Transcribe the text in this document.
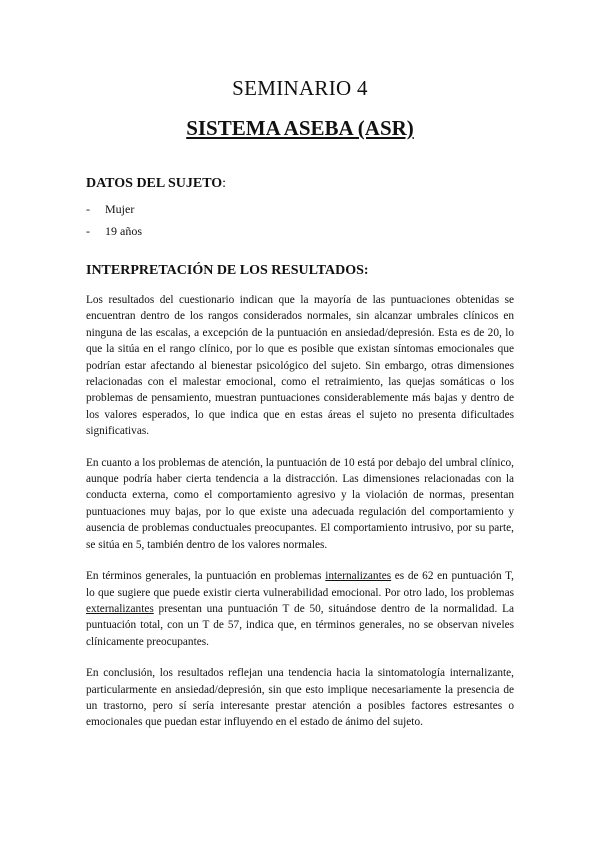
SEMINARIO 4
SISTEMA ASEBA (ASR)
DATOS DEL SUJETO:
- Mujer
- 19 años
INTERPRETACIÓN DE LOS RESULTADOS:

Los resultados del cuestionario indican que la mayoría de las puntuaciones obtenidas se encuentran dentro de los rangos considerados normales, sin alcanzar umbrales clínicos en ninguna de las escalas, a excepción de la puntuación en ansiedad/depresión. Esta es de 20, lo que la sitúa en el rango clínico, por lo que es posible que existan síntomas emocionales que podrían estar afectando al bienestar psicológico del sujeto. Sin embargo, otras dimensiones relacionadas con el malestar emocional, como el retraimiento, las quejas somáticas o los problemas de pensamiento, muestran puntuaciones considerablemente más bajas y dentro de los valores esperados, lo que indica que en estas áreas el sujeto no presenta dificultades significativas.

En cuanto a los problemas de atención, la puntuación de 10 está por debajo del umbral clínico, aunque podría haber cierta tendencia a la distracción. Las dimensiones relacionadas con la conducta externa, como el comportamiento agresivo y la violación de normas, presentan puntuaciones muy bajas, por lo que existe una adecuada regulación del comportamiento y ausencia de problemas conductuales preocupantes. El comportamiento intrusivo, por su parte, se sitúa en 5, también dentro de los valores normales.

En términos generales, la puntuación en problemas internalizantes es de 62 en puntuación T, lo que sugiere que puede existir cierta vulnerabilidad emocional. Por otro lado, los problemas externalizantes presentan una puntuación T de 50, situándose dentro de la normalidad. La puntuación total, con un T de 57, indica que, en términos generales, no se observan niveles clínicamente preocupantes.

En conclusión, los resultados reflejan una tendencia hacia la sintomatología internalizante, particularmente en ansiedad/depresión, sin que esto implique necesariamente la presencia de un trastorno, pero sí sería interesante prestar atención a posibles factores estresantes o emocionales que puedan estar influyendo en el estado de ánimo del sujeto.
